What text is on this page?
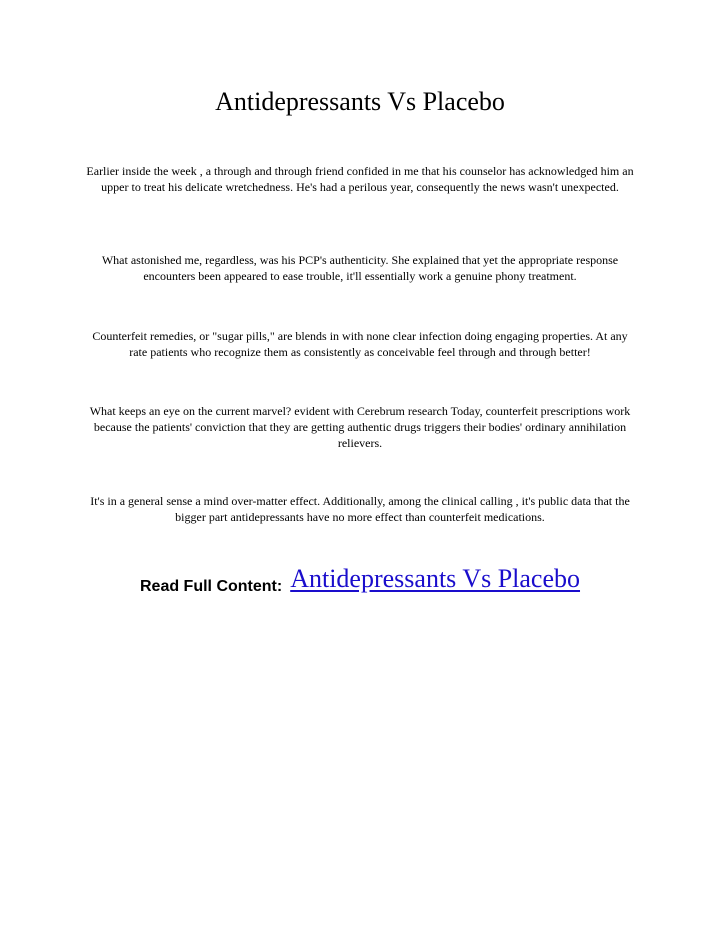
Antidepressants Vs Placebo

Earlier inside the week , a through and through friend confided in me that his counselor has acknowledged him an upper to treat his delicate wretchedness. He's had a perilous year, consequently the news wasn't unexpected.

What astonished me, regardless, was his PCP's authenticity. She explained that yet the appropriate response encounters been appeared to ease trouble, it'll essentially work a genuine phony treatment.

Counterfeit remedies, or "sugar pills," are blends in with none clear infection doing engaging properties. At any rate patients who recognize them as consistently as conceivable feel through and through better!

What keeps an eye on the current marvel? evident with Cerebrum research Today, counterfeit prescriptions work because the patients' conviction that they are getting authentic drugs triggers their bodies' ordinary annihilation relievers.

It's in a general sense a mind over-matter effect. Additionally, among the clinical calling , it's public data that the bigger part antidepressants have no more effect than counterfeit medications.

Read Full Content: Antidepressants Vs Placebo
